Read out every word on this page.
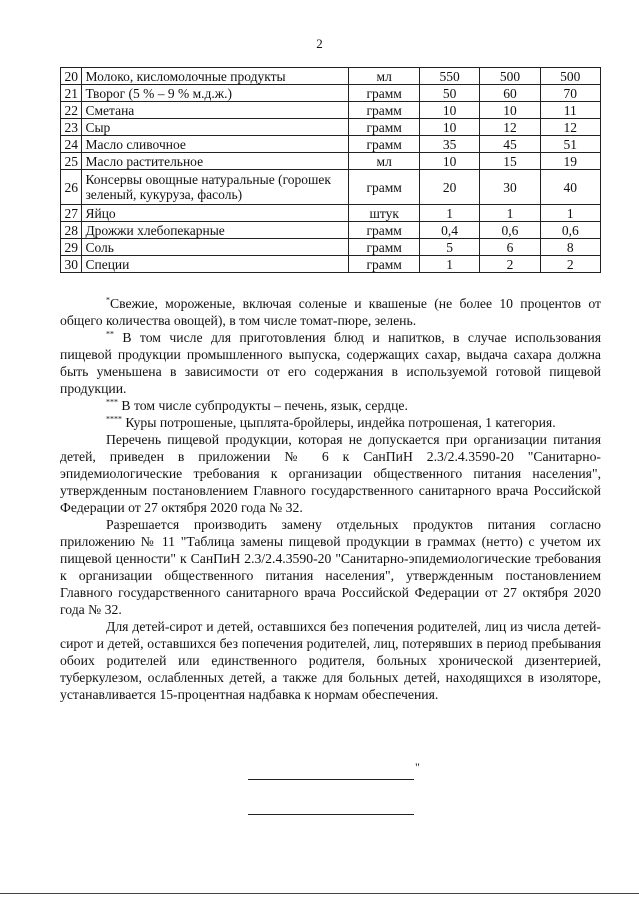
2
20	Молоко, кисломолочные продукты	мл	550	500	500
21	Творог (5 % – 9 % м.д.ж.)	грамм	50	60	70
22	Сметана	грамм	10	10	11
23	Сыр	грамм	10	12	12
24	Масло сливочное	грамм	35	45	51
25	Масло растительное	мл	10	15	19
26	Консервы овощные натуральные (горошек зеленый, кукуруза, фасоль)	грамм	20	30	40
27	Яйцо	штук	1	1	1
28	Дрожжи хлебопекарные	грамм	0,4	0,6	0,6
29	Соль	грамм	5	6	8
30	Специи	грамм	1	2	2

*Свежие, мороженые, включая соленые и квашеные (не более 10 процентов от общего количества овощей), в том числе томат-пюре, зелень.

** В том числе для приготовления блюд и напитков, в случае использования пищевой продукции промышленного выпуска, содержащих сахар, выдача сахара должна быть уменьшена в зависимости от его содержания в используемой готовой пищевой продукции.

*** В том числе субпродукты – печень, язык, сердце.

**** Куры потрошеные, цыплята-бройлеры, индейка потрошеная, 1 категория.

Перечень пищевой продукции, которая не допускается при организации питания детей, приведен в приложении № 6 к СанПиН 2.3/2.4.3590-20 "Санитарно-эпидемиологические требования к организации общественного питания населения", утвержденным постановлением Главного государственного санитарного врача Российской Федерации от 27 октября 2020 года № 32.

Разрешается производить замену отдельных продуктов питания согласно приложению № 11 "Таблица замены пищевой продукции в граммах (нетто) с учетом их пищевой ценности" к СанПиН 2.3/2.4.3590-20 "Санитарно-эпидемиологические требования к организации общественного питания населения", утвержденным постановлением Главного государственного санитарного врача Российской Федерации от 27 октября 2020 года № 32.

Для детей-сирот и детей, оставшихся без попечения родителей, лиц из числа детей-сирот и детей, оставшихся без попечения родителей, лиц, потерявших в период пребывания обоих родителей или единственного родителя, больных хронической дизентерией, туберкулезом, ослабленных детей, а также для больных детей, находящихся в изоляторе, устанавливается 15-процентная надбавка к нормам обеспечения.

"
